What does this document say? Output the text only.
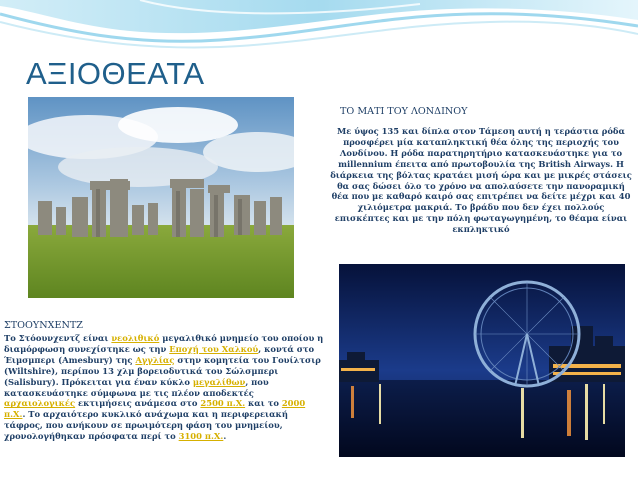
ΑΞΙΟΘΕΑΤΑ
ΣΤΟΟΥΝΧΕΝΤΖ

Το Στόουνχεντζ είναι νεολιθικό μεγαλιθικό μνημείο του οποίου η διαμόρφωση συνεχίστηκε ως την Εποχή του Χαλκού, κοντά στο Έιμσμπερι (Amesbury) της Αγγλίας στην κομητεία του Γουίλτσιρ (Wiltshire), περίπου 13 χλμ βορειοδυτικά του Σώλσμπερι (Salisbury). Πρόκειται για έναν κύκλο μεγαλίθων, που κατασκευάστηκε σύμφωνα με τις πλέον αποδεκτές αρχαιολογικές εκτιμήσεις ανάμεσα στο 2500 π.Χ. και το 2000 π.Χ.. Το αρχαιότερο κυκλικό ανάχωμα και η περιφερειακή τάφρος, που ανήκουν σε πρωιμότερη φάση του μνημείου, χρονολογήθηκαν πρόσφατα περί το 3100 π.Χ..

ΤΟ ΜΑΤΙ ΤΟΥ ΛΟΝΔΙΝΟΥ

Με ύψος 135 και δίπλα στον Τάμεση αυτή η τεράστια ρόδα προσφέρει μία καταπληκτική θέα όλης της περιοχής του Λονδίνου. Η ρόδα παρατηρητήριο κατασκευάστηκε για το millennium έπειτα από πρωτοβουλία της British Airways. Η διάρκεια της βόλτας κρατάει μισή ώρα και με μικρές στάσεις θα σας δώσει όλο το χρόνο να απολαύσετε την πανοραμική θέα που με καθαρό καιρό σας επιτρέπει να δείτε μέχρι και 40 χιλιόμετρα μακριά. Το βράδυ που δεν έχει πολλούς επισκέπτες και με την πόλη φωταγωγημένη, το θέαμα είναι εκπληκτικό
